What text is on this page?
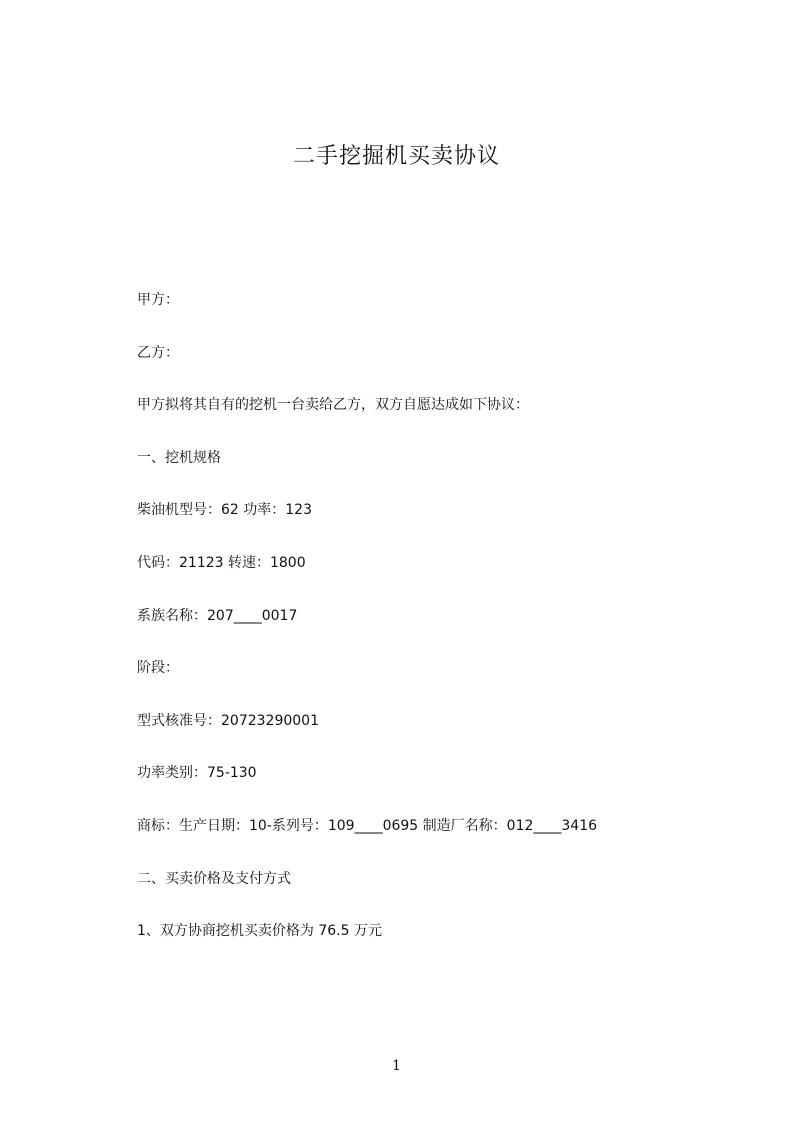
二手挖掘机买卖协议
甲方：
乙方：
甲方拟将其自有的挖机一台卖给乙方，双方自愿达成如下协议：
一、挖机规格
柴油机型号：62 功率：123
代码：21123 转速：1800
系族名称：207____0017
阶段：
型式核准号：20723290001
功率类别：75-130
商标：生产日期：10-系列号：109____0695 制造厂名称：012____3416
二、买卖价格及支付方式
1、双方协商挖机买卖价格为 76.5 万元
1
